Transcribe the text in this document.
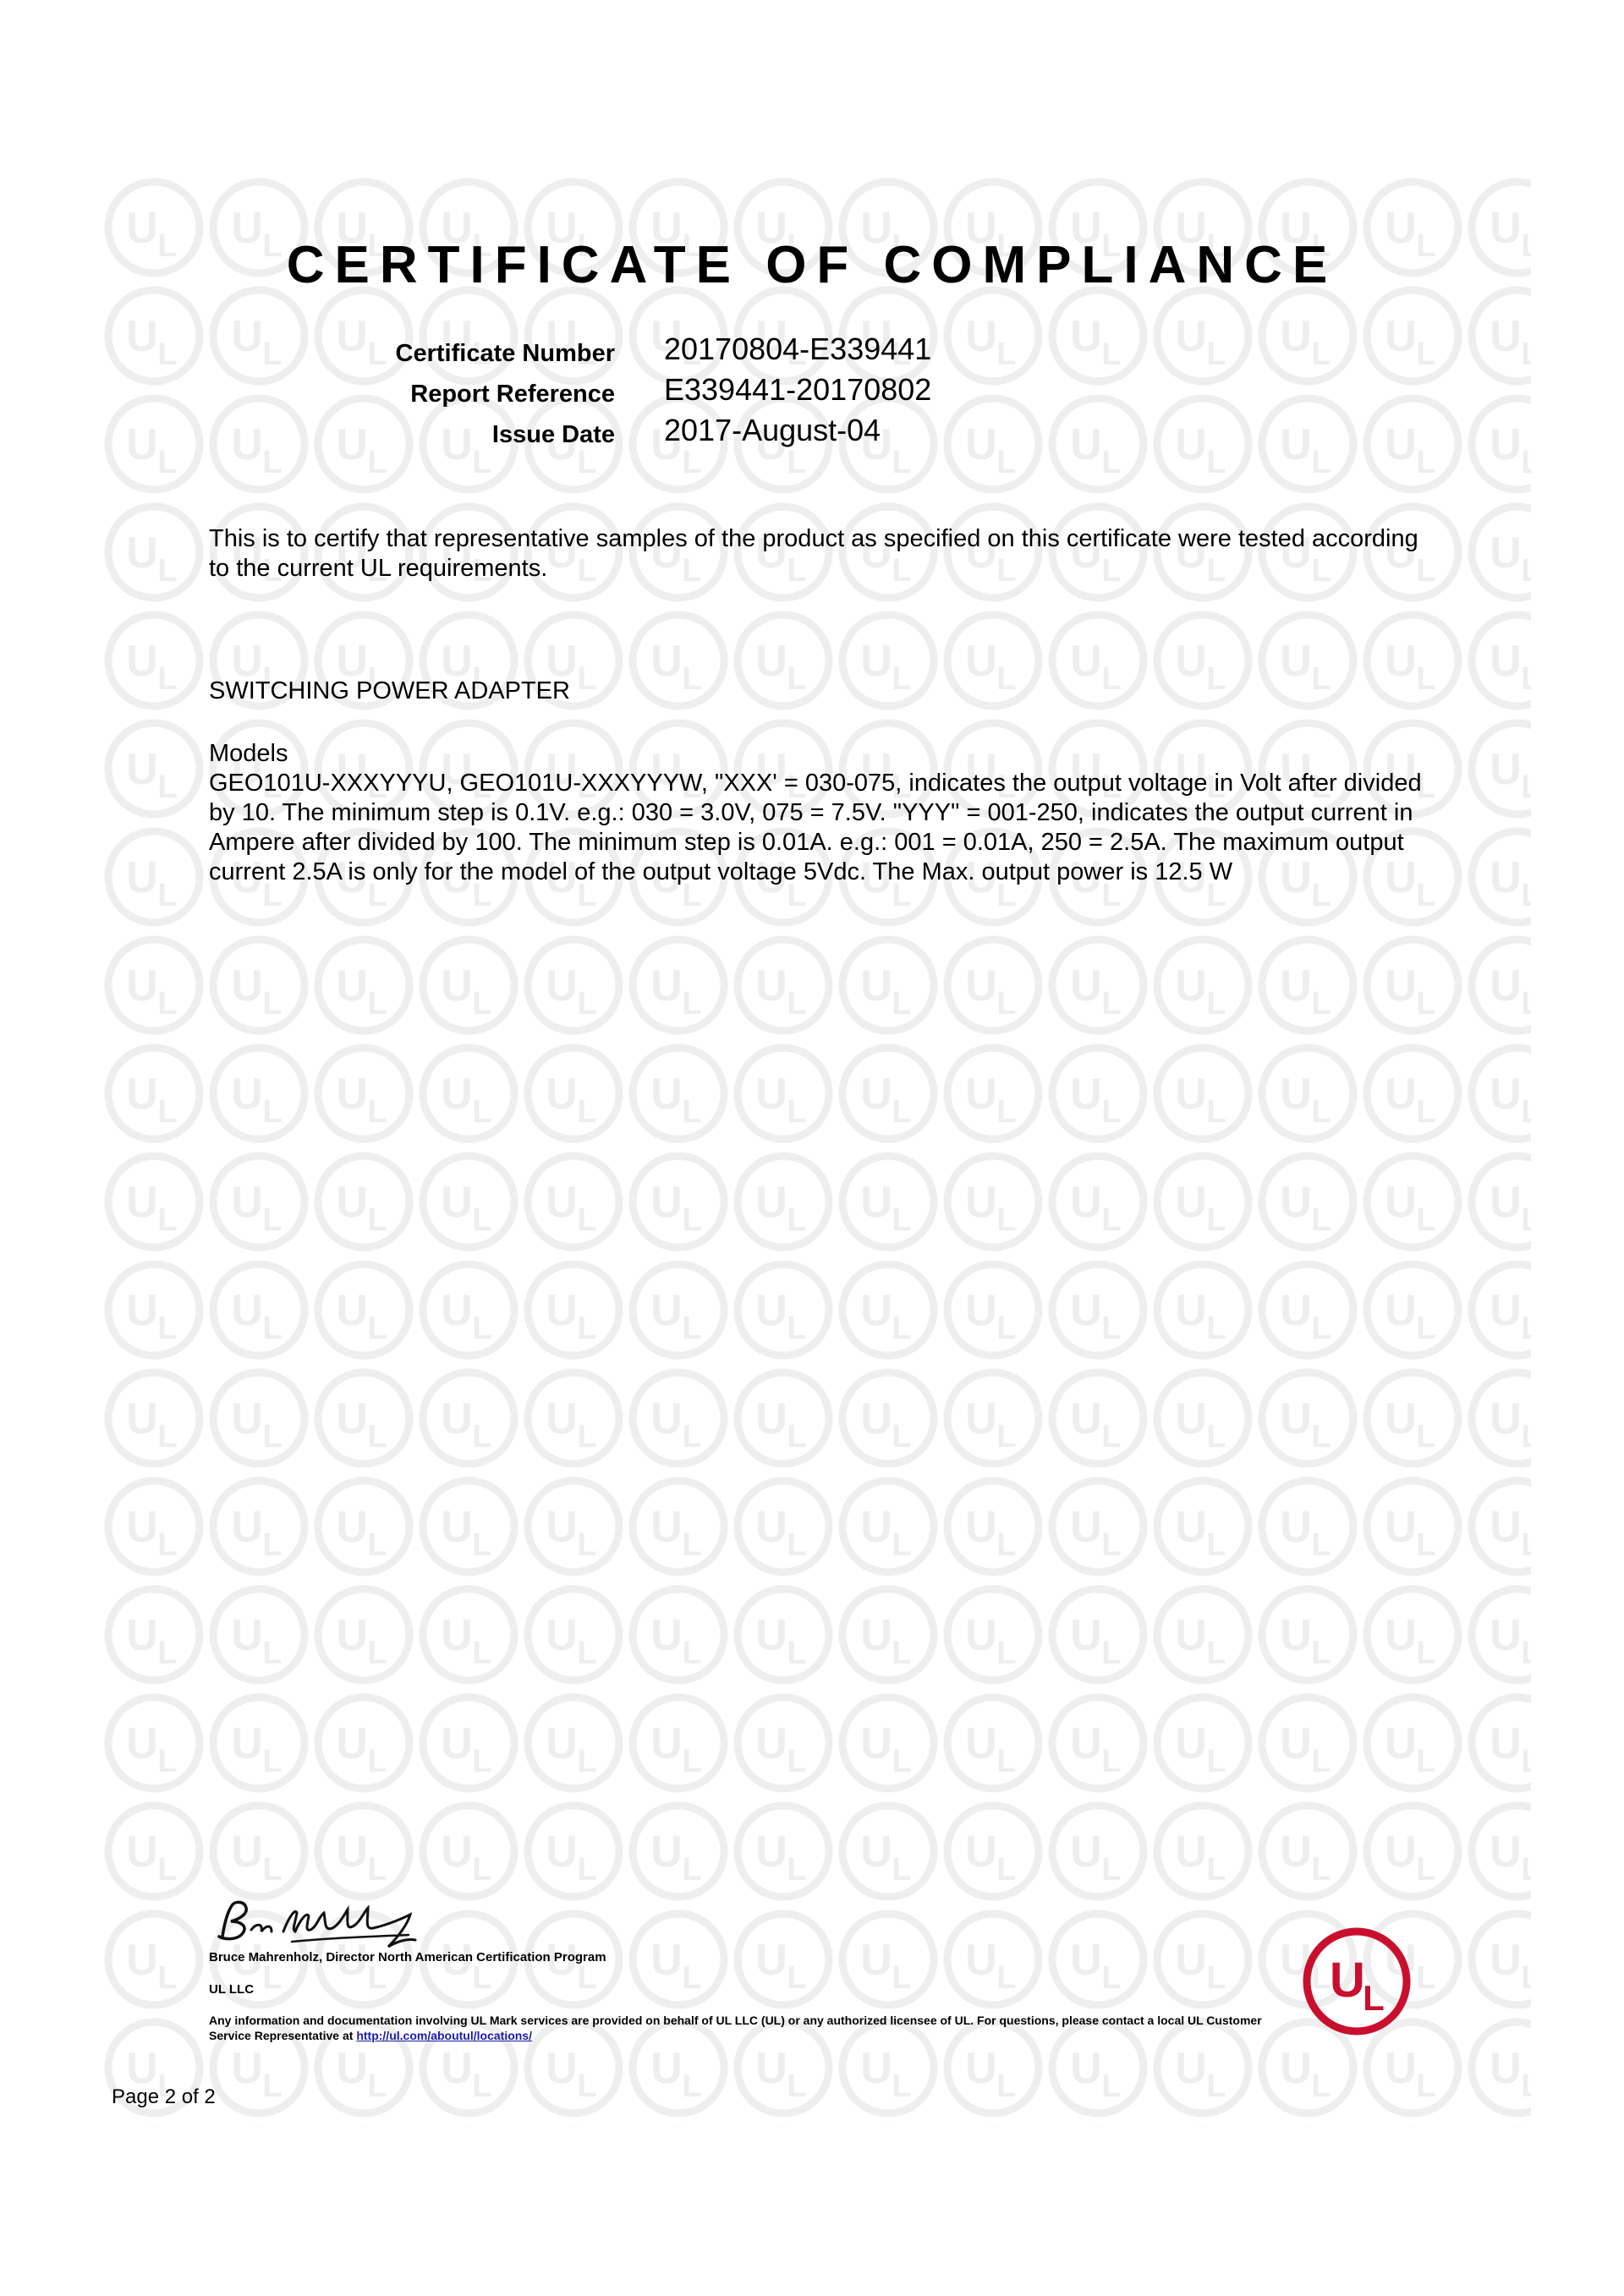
CERTIFICATE OF COMPLIANCE
Certificate Number 20170804-E339441
Report Reference E339441-20170802
Issue Date 2017-August-04
This is to certify that representative samples of the product as specified on this certificate were tested according to the current UL requirements.
SWITCHING POWER ADAPTER
Models
GEO101U-XXXYYYU, GEO101U-XXXYYYW, "XXX' = 030-075, indicates the output voltage in Volt after divided by 10. The minimum step is 0.1V. e.g.: 030 = 3.0V, 075 = 7.5V. "YYY" = 001-250, indicates the output current in Ampere after divided by 100. The minimum step is 0.01A. e.g.: 001 = 0.01A, 250 = 2.5A. The maximum output current 2.5A is only for the model of the output voltage 5Vdc. The Max. output power is 12.5 W
Bruce Mahrenholz, Director North American Certification Program
UL LLC
Any information and documentation involving UL Mark services are provided on behalf of UL LLC (UL) or any authorized licensee of UL. For questions, please contact a local UL Customer Service Representative at http://ul.com/aboutul/locations/
U
L
Page 2 of 2
